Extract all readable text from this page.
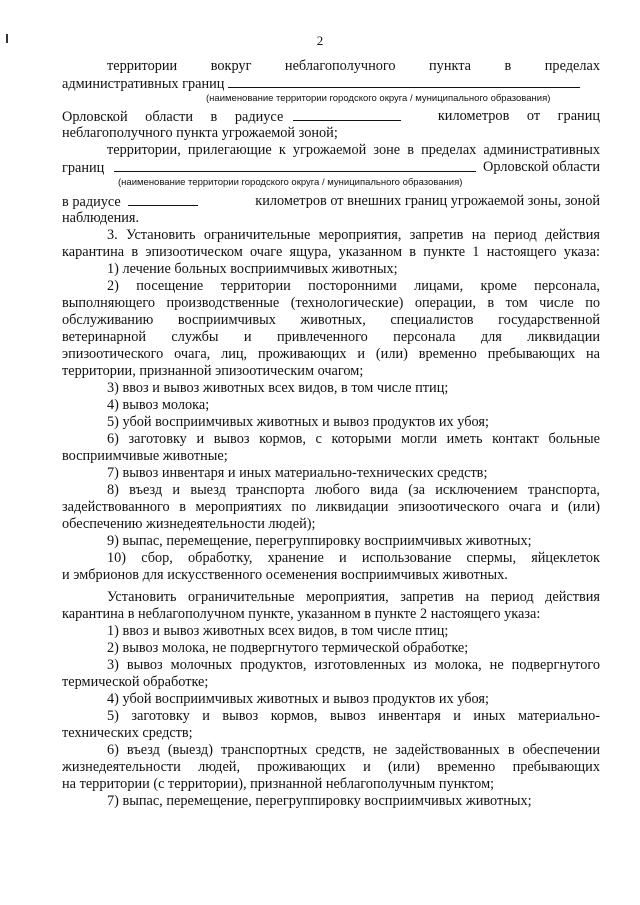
2
территории вокруг неблагополучного пункта в пределах
административных границ
(наименование территории городского округа / муниципального образования)
Орловской области в радиусе	километров от границ
неблагополучного пункта угрожаемой зоной;
территории, прилегающие к угрожаемой зоне в пределах административных
границ	Орловской области
(наименование территории городского округа / муниципального образования)
в радиусе	километров от внешних границ угрожаемой зоны, зоной
наблюдения.
3. Установить ограничительные мероприятия, запретив на период действия
карантина в эпизоотическом очаге ящура, указанном в пункте 1 настоящего указа:
1) лечение больных восприимчивых животных;
2) посещение территории посторонними лицами, кроме персонала,
выполняющего производственные (технологические) операции, в том числе по
обслуживанию восприимчивых животных, специалистов государственной
ветеринарной службы и привлеченного персонала для ликвидации
эпизоотического очага, лиц, проживающих и (или) временно пребывающих на
территории, признанной эпизоотическим очагом;
3) ввоз и вывоз животных всех видов, в том числе птиц;
4) вывоз молока;
5) убой восприимчивых животных и вывоз продуктов их убоя;
6) заготовку и вывоз кормов, с которыми могли иметь контакт больные
восприимчивые животные;
7) вывоз инвентаря и иных материально-технических средств;
8) въезд и выезд транспорта любого вида (за исключением транспорта,
задействованного в мероприятиях по ликвидации эпизоотического очага и (или)
обеспечению жизнедеятельности людей);
9) выпас, перемещение, перегруппировку восприимчивых животных;
10) сбор, обработку, хранение и использование спермы, яйцеклеток
и эмбрионов для искусственного осеменения восприимчивых животных.
Установить ограничительные мероприятия, запретив на период действия
карантина в неблагополучном пункте, указанном в пункте 2 настоящего указа:
1) ввоз и вывоз животных всех видов, в том числе птиц;
2) вывоз молока, не подвергнутого термической обработке;
3) вывоз молочных продуктов, изготовленных из молока, не подвергнутого
термической обработке;
4) убой восприимчивых животных и вывоз продуктов их убоя;
5) заготовку и вывоз кормов, вывоз инвентаря и иных материально-
технических средств;
6) въезд (выезд) транспортных средств, не задействованных в обеспечении
жизнедеятельности людей, проживающих и (или) временно пребывающих
на территории (с территории), признанной неблагополучным пунктом;
7) выпас, перемещение, перегруппировку восприимчивых животных;
